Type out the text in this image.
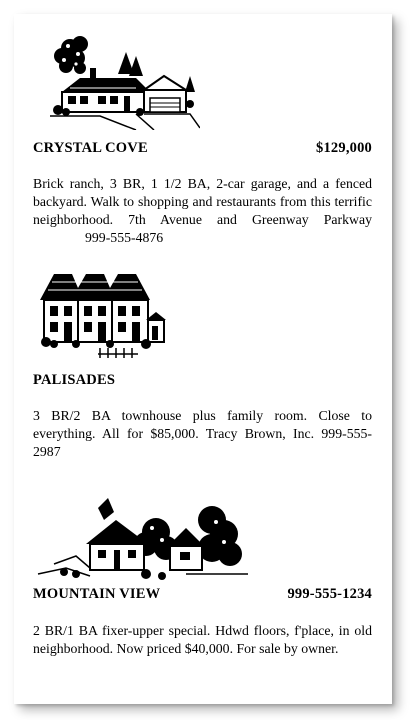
CRYSTAL COVE	$129,000
Brick ranch, 3 BR, 1 1/2 BA, 2-car garage, and a fenced backyard. Walk to shopping and restaurants from this terrific neighborhood. 7th Avenue and Greenway Parkway 999-555-4876
PALISADES
3 BR/2 BA townhouse plus family room. Close to everything. All for $85,000. Tracy Brown, Inc. 999-555-2987
MOUNTAIN VIEW	999-555-1234
2 BR/1 BA fixer-upper special. Hdwd floors, f'place, in old neighborhood. Now priced $40,000. For sale by owner.
